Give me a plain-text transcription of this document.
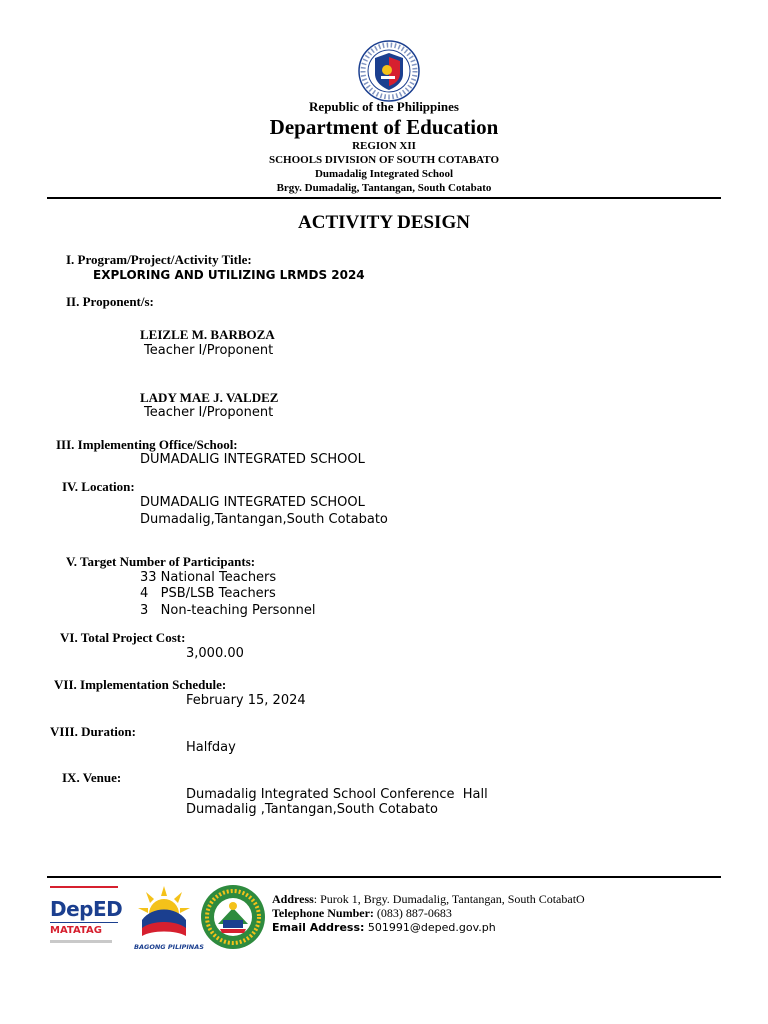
Republic of the Philippines
Department of Education
REGION XII
SCHOOLS DIVISION OF SOUTH COTABATO
Dumadalig Integrated School
Brgy. Dumadalig, Tantangan, South Cotabato
ACTIVITY DESIGN
I. Program/Project/Activity Title:
EXPLORING AND UTILIZING LRMDS 2024
II. Proponent/s:
LEIZLE M. BARBOZA
Teacher I/Proponent
LADY MAE J. VALDEZ
Teacher I/Proponent
III. Implementing Office/School:
DUMADALIG INTEGRATED SCHOOL
IV. Location:
DUMADALIG INTEGRATED SCHOOL
Dumadalig,Tantangan,South Cotabato
V. Target Number of Participants:
33 National Teachers
4   PSB/LSB Teachers
3   Non-teaching Personnel
VI. Total Project Cost:
3,000.00
VII. Implementation Schedule:
February 15, 2024
VIII. Duration:
Halfday
IX. Venue:
Dumadalig Integrated School Conference  Hall
Dumadalig ,Tantangan,South Cotabato
DepED
MATATAG
BAGONG PILIPINAS
Address: Purok 1, Brgy. Dumadalig, Tantangan, South CotabatO
Telephone Number: (083) 887-0683
Email Address: 501991@deped.gov.ph
